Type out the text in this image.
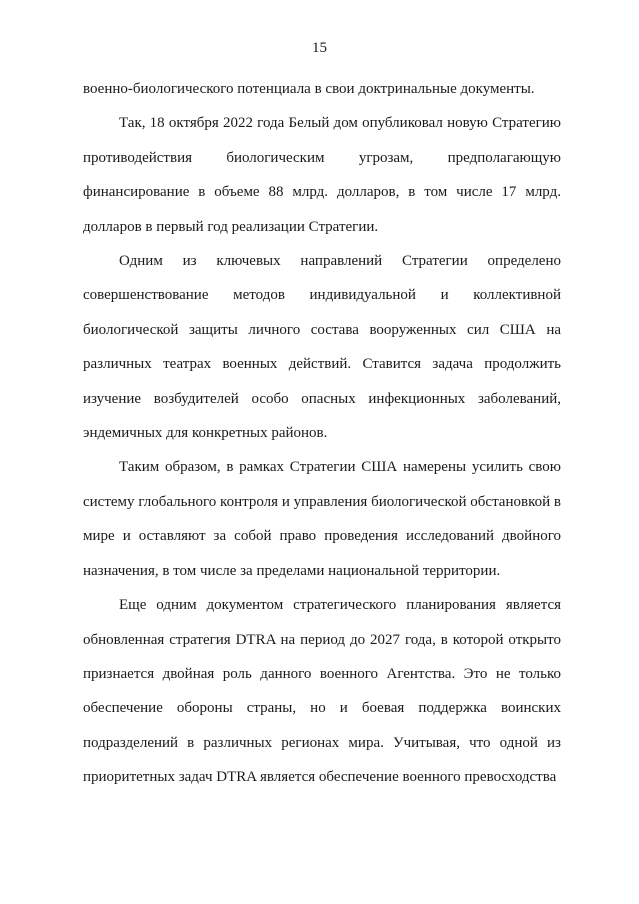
15

военно-биологического потенциала в свои доктринальные документы.

Так, 18 октября 2022 года Белый дом опубликовал новую Стратегию противодействия биологическим угрозам, предполагающую финансирование в объеме 88 млрд. долларов, в том числе 17 млрд. долларов в первый год реализации Стратегии.

Одним из ключевых направлений Стратегии определено совершенствование методов индивидуальной и коллективной биологической защиты личного состава вооруженных сил США на различных театрах военных действий. Ставится задача продолжить изучение возбудителей особо опасных инфекционных заболеваний, эндемичных для конкретных районов.

Таким образом, в рамках Стратегии США намерены усилить свою систему глобального контроля и управления биологической обстановкой в мире и оставляют за собой право проведения исследований двойного назначения, в том числе за пределами национальной территории.

Еще одним документом стратегического планирования является обновленная стратегия DTRA на период до 2027 года, в которой открыто признается двойная роль данного военного Агентства. Это не только обеспечение обороны страны, но и боевая поддержка воинских подразделений в различных регионах мира. Учитывая, что одной из приоритетных задач DTRA является обеспечение военного превосходства
